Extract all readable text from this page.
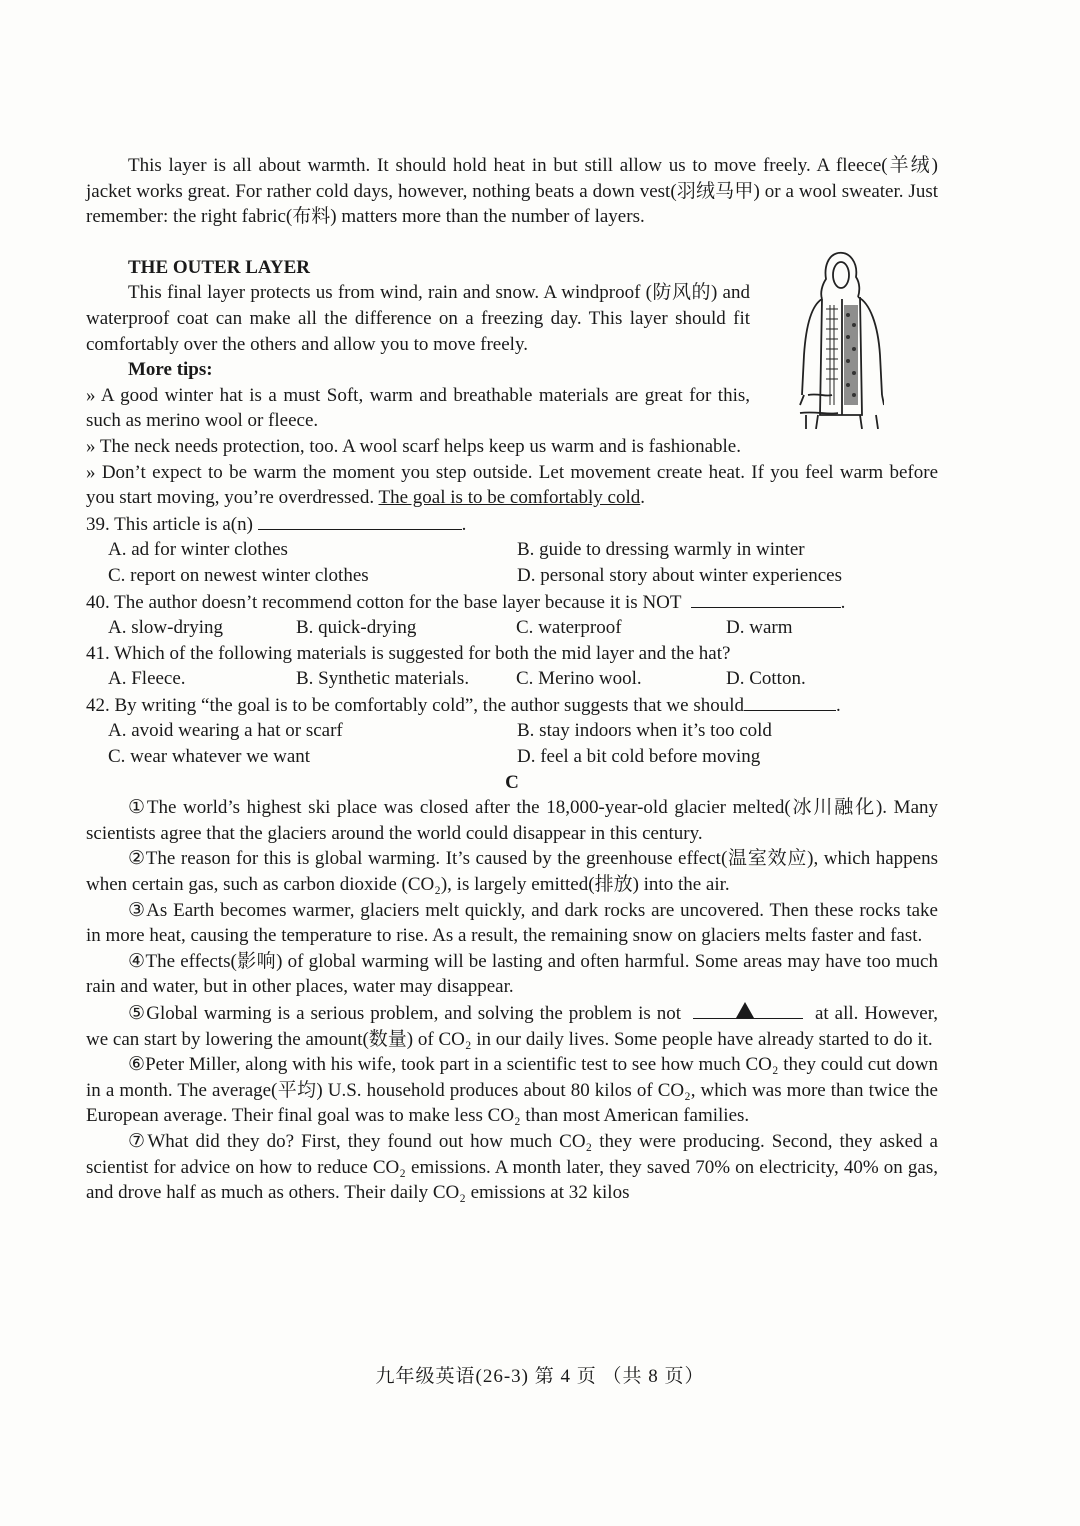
This layer is all about warmth. It should hold heat in but still allow us to move freely. A fleece(羊绒) jacket works great. For rather cold days, however, nothing beats a down vest(羽绒马甲) or a wool sweater. Just remember: the right fabric(布料) matters more than the number of layers.

THE OUTER LAYER

This final layer protects us from wind, rain and snow. A windproof (防风的) and waterproof coat can make all the difference on a freezing day. This layer should fit comfortably over the others and allow you to move freely.

More tips:

» A good winter hat is a must Soft, warm and breathable materials are great for this, such as merino wool or fleece.

» The neck needs protection, too. A wool scarf helps keep us warm and is fashionable.

» Don’t expect to be warm the moment you step outside. Let movement create heat. If you feel warm before you start moving, you’re overdressed. The goal is to be comfortably cold.

39. This article is a(n)	.

A. ad for winter clothes	B. guide to dressing warmly in winter
C. report on newest winter clothes	D. personal story about winter experiences

40. The author doesn’t recommend cotton for the base layer because it is NOT	.

A. slow-drying	B. quick-drying	C. waterproof	D. warm

41. Which of the following materials is suggested for both the mid layer and the hat?

A. Fleece.	B. Synthetic materials.	C. Merino wool.	D. Cotton.

42. By writing “the goal is to be comfortably cold”, the author suggests that we should	.

A. avoid wearing a hat or scarf	B. stay indoors when it’s too cold
C. wear whatever we want	D. feel a bit cold before moving

C

①The world’s highest ski place was closed after the 18,000-year-old glacier melted(冰川融化). Many scientists agree that the glaciers around the world could disappear in this century.

②The reason for this is global warming. It’s caused by the greenhouse effect(温室效应), which happens when certain gas, such as carbon dioxide (CO₂), is largely emitted(排放) into the air.

③As Earth becomes warmer, glaciers melt quickly, and dark rocks are uncovered. Then these rocks take in more heat, causing the temperature to rise. As a result, the remaining snow on glaciers melts faster and fast.

④The effects(影响) of global warming will be lasting and often harmful. Some areas may have too much rain and water, but in other places, water may disappear.

⑤Global warming is a serious problem, and solving the problem is not	at all. However, we can start by lowering the amount(数量) of CO₂ in our daily lives. Some people have already started to do it.

⑥Peter Miller, along with his wife, took part in a scientific test to see how much CO₂ they could cut down in a month. The average(平均) U.S. household produces about 80 kilos of CO₂, which was more than twice the European average. Their final goal was to make less CO₂ than most American families.

⑦What did they do? First, they found out how much CO₂ they were producing. Second, they asked a scientist for advice on how to reduce CO₂ emissions. A month later, they saved 70% on electricity, 40% on gas, and drove half as much as others. Their daily CO₂ emissions at 32 kilos

九年级英语(26-3) 第 4 页 （共 8 页）
